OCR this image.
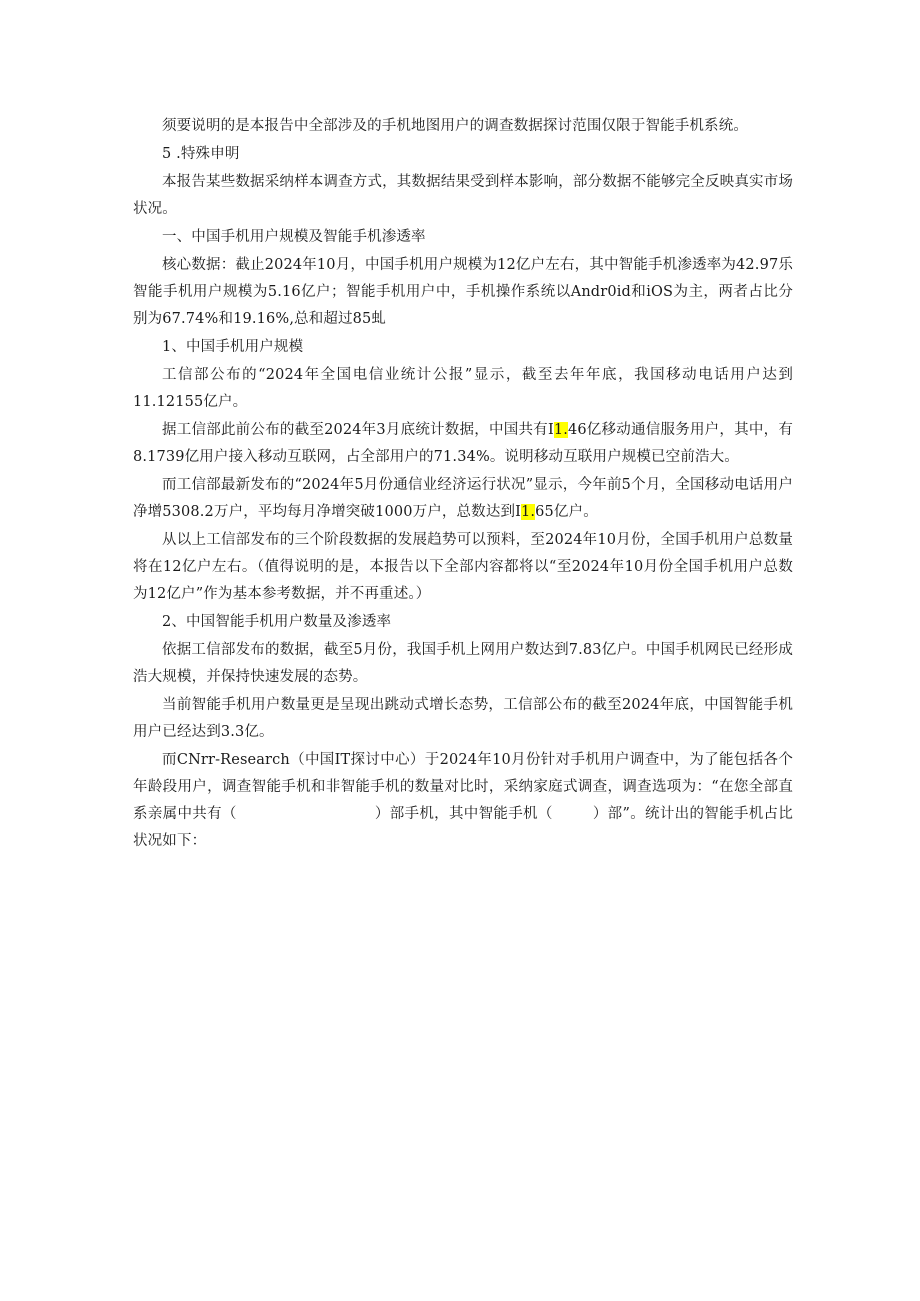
须要说明的是本报告中全部涉及的手机地图用户的调查数据探讨范围仅限于智能手机系统。

5 .特殊申明

本报告某些数据采纳样本调查方式，其数据结果受到样本影响，部分数据不能够完全反映真实市场状况。

一、中国手机用户规模及智能手机渗透率

核心数据：截止2024年10月，中国手机用户规模为12亿户左右，其中智能手机渗透率为42.97乐智能手机用户规模为5.16亿户；智能手机用户中，手机操作系统以Andr0id和iOS为主，两者占比分别为67.74%和19.16%,总和超过85虬

1、中国手机用户规模

工信部公布的“2024年全国电信业统计公报”显示，截至去年年底，我国移动电话用户达到11.12155亿户。

据工信部此前公布的截至2024年3月底统计数据，中国共有I1.46亿移动通信服务用户，其中，有8.1739亿用户接入移动互联网，占全部用户的71.34%。说明移动互联用户规模已空前浩大。

而工信部最新发布的“2024年5月份通信业经济运行状况”显示，今年前5个月，全国移动电话用户净增5308.2万户，平均每月净增突破1000万户，总数达到I1.65亿户。

从以上工信部发布的三个阶段数据的发展趋势可以预料，至2024年10月份，全国手机用户总数量将在12亿户左右。（值得说明的是，本报告以下全部内容都将以“至2024年10月份全国手机用户总数为12亿户”作为基本参考数据，并不再重述。）

2、中国智能手机用户数量及渗透率

依据工信部发布的数据，截至5月份，我国手机上网用户数达到7.83亿户。中国手机网民已经形成浩大规模，并保持快速发展的态势。

当前智能手机用户数量更是呈现出跳动式增长态势，工信部公布的截至2024年底，中国智能手机用户已经达到3.3亿。

而CNrr-Research（中国IT探讨中心）于2024年10月份针对手机用户调查中，为了能包括各个年龄段用户，调查智能手机和非智能手机的数量对比时，采纳家庭式调查，调查选项为：“在您全部直系亲属中共有（	）部手机，其中智能手机（	）部”。统计出的智能手机占比状况如下：
